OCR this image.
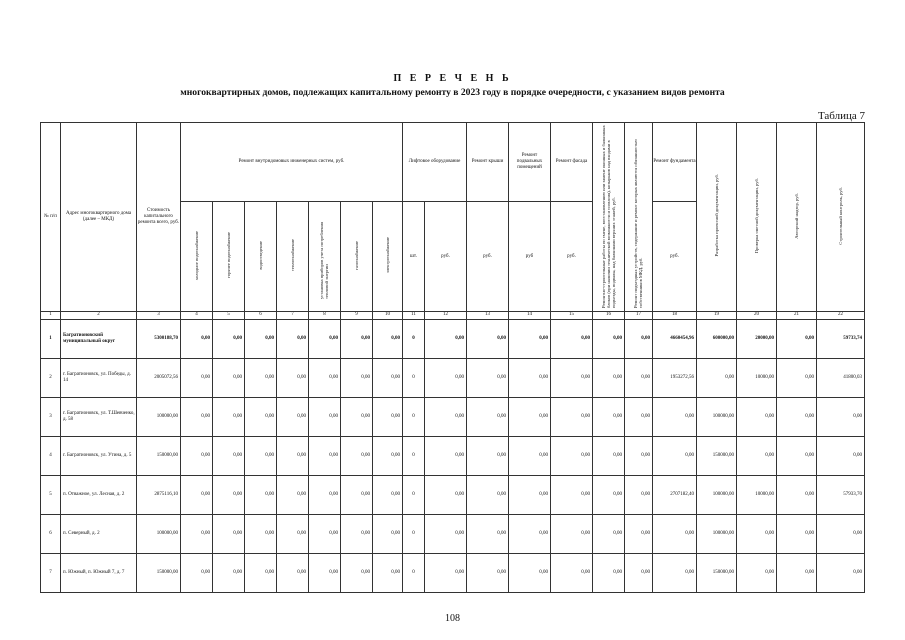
П Е Р Е Ч Е Н Ь
многоквартирных домов, подлежащих капитальному ремонту в 2023 году в порядке очередности, с указанием видов ремонта
Таблица 7
№ п/п	Адрес многоквартирного дома (далее – МКД)	Стоимость капитального ремонта всего, руб.	Ремонт внутридомовых инженерных систем, руб.							Лифтовое оборудование		Ремонт крыши	Ремонт подвальных помещений	Ремонт фасада	Ремонтно-строительные работы по смене, восстановлению или замене оконных и балконных блоков (при наличии технической возможности и согласия), козырьков над входами в подъезды, подвалы, над балконами верхних этажей, руб.	Ремонт подъездных устройств, содержание и ремонт которых являются обязанностью собственников МКД, руб.	Ремонт фундамента	Разработка проектной документации, руб.	Проверка сметной документации, руб.	Авторский надзор, руб.	Строительный контроль, руб.
			холодное водоснабжение	горячее водоснабжение	водоотведение	теплоснабжение	установка приборов учета потребления тепловой энергии	газоснабжение	электроснабжение	шт.	руб.	руб.	руб	руб.			руб.				
1	2	3	4	5	6	7	8	9	10	11	12	13	14	15	16	17	18	19	20	21	22
1	Багратионовский муниципальный округ	5300188,70	0,00	0,00	0,00	0,00	0,00	0,00	0,00	0	0,00	0,00	0,00	0,00	0,00	0,00	4660454,96	600000,00	20000,00	0,00	59733,74
2	г. Багратионовск, ул. Победы, д. 14	2005072,56	0,00	0,00	0,00	0,00	0,00	0,00	0,00	0	0,00	0,00	0,00	0,00	0,00	0,00	1953272,56	0,00	10000,00	0,00	41800,03
3	г. Багратионовск, ул. Т.Шевченко, д. 58	100000,00	0,00	0,00	0,00	0,00	0,00	0,00	0,00	0	0,00	0,00	0,00	0,00	0,00	0,00	0,00	100000,00	0,00	0,00	0,00
4	г. Багратионовск, ул. Утина, д. 5	150000,00	0,00	0,00	0,00	0,00	0,00	0,00	0,00	0	0,00	0,00	0,00	0,00	0,00	0,00	0,00	150000,00	0,00	0,00	0,00
5	п. Отважное, ул. Лесная, д. 2	2875116,10	0,00	0,00	0,00	0,00	0,00	0,00	0,00	0	0,00	0,00	0,00	0,00	0,00	0,00	2707182,40	100000,00	10000,00	0,00	57933,70
6	п. Северный, д. 2	100000,00	0,00	0,00	0,00	0,00	0,00	0,00	0,00	0	0,00	0,00	0,00	0,00	0,00	0,00	0,00	100000,00	0,00	0,00	0,00
7	п. Южный, п. Южный 7, д. 7	150000,00	0,00	0,00	0,00	0,00	0,00	0,00	0,00	0	0,00	0,00	0,00	0,00	0,00	0,00	0,00	150000,00	0,00	0,00	0,00
108
